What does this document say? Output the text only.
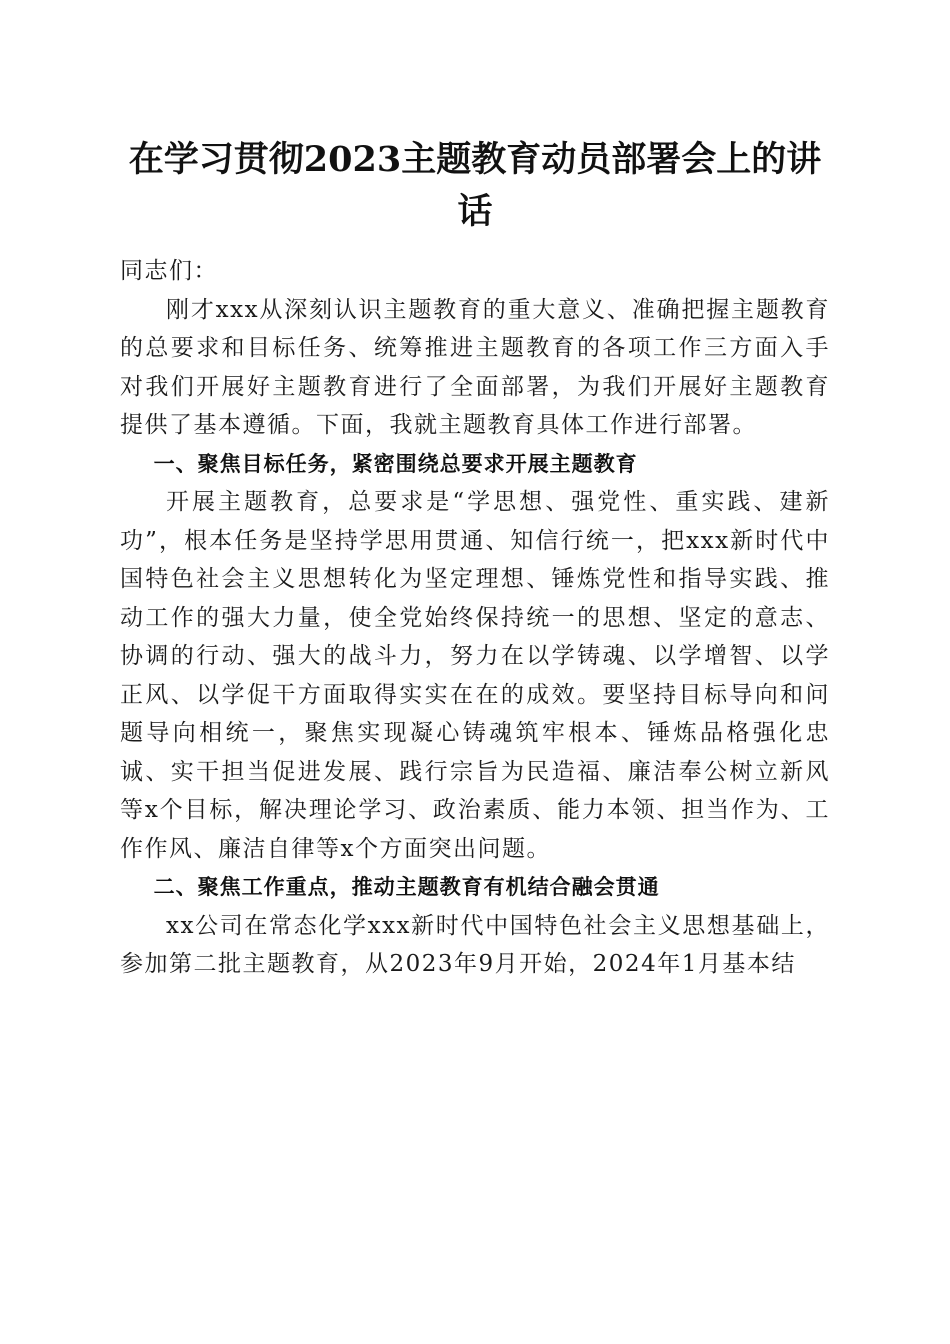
在学习贯彻2023主题教育动员部署会上的讲话

同志们：

刚才xxx从深刻认识主题教育的重大意义、准确把握主题教育的总要求和目标任务、统筹推进主题教育的各项工作三方面入手对我们开展好主题教育进行了全面部署，为我们开展好主题教育提供了基本遵循。下面，我就主题教育具体工作进行部署。

一、聚焦目标任务，紧密围绕总要求开展主题教育

开展主题教育，总要求是“学思想、强党性、重实践、建新功”，根本任务是坚持学思用贯通、知信行统一，把xxx新时代中国特色社会主义思想转化为坚定理想、锤炼党性和指导实践、推动工作的强大力量，使全党始终保持统一的思想、坚定的意志、协调的行动、强大的战斗力，努力在以学铸魂、以学增智、以学正风、以学促干方面取得实实在在的成效。要坚持目标导向和问题导向相统一，聚焦实现凝心铸魂筑牢根本、锤炼品格强化忠诚、实干担当促进发展、践行宗旨为民造福、廉洁奉公树立新风等x个目标，解决理论学习、政治素质、能力本领、担当作为、工作作风、廉洁自律等x个方面突出问题。

二、聚焦工作重点，推动主题教育有机结合融会贯通

xx公司在常态化学xxx新时代中国特色社会主义思想基础上，参加第二批主题教育，从2023年9月开始，2024年1月基本结
